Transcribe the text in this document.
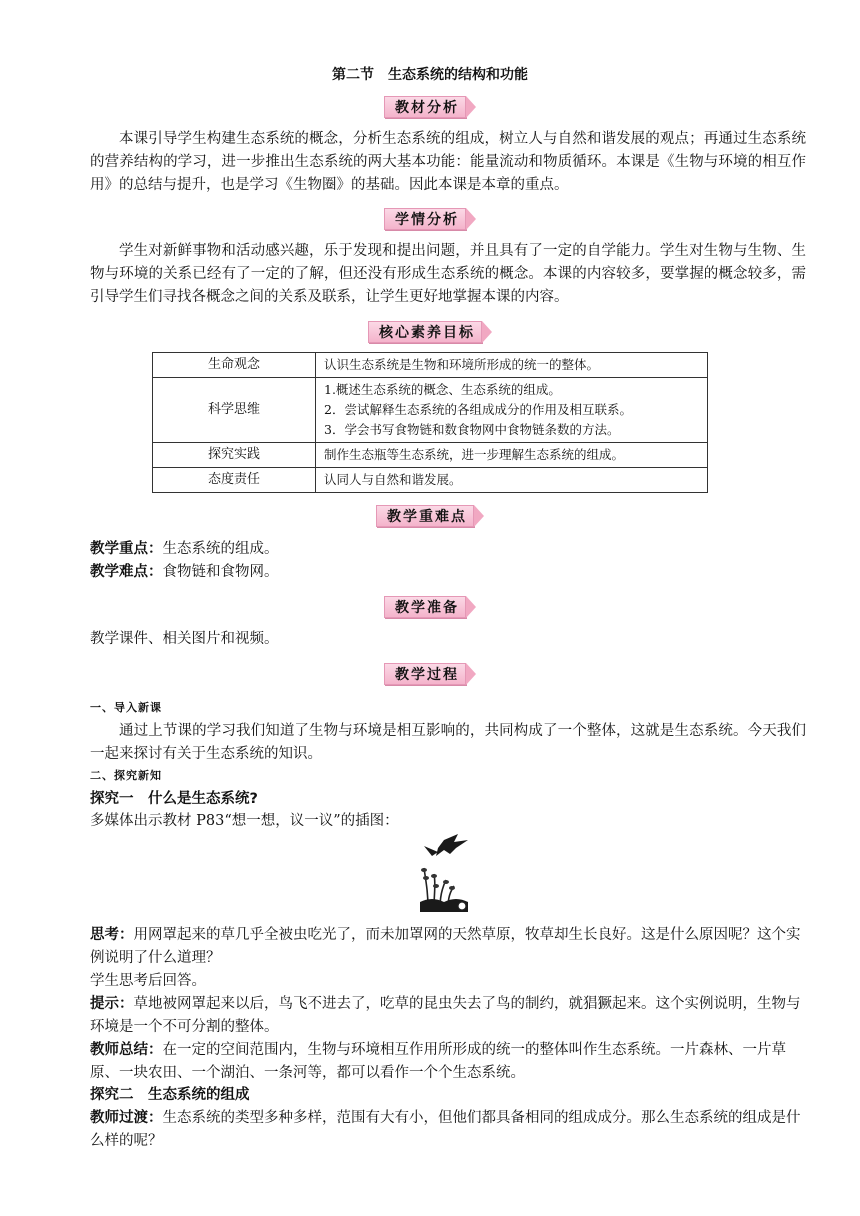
第二节　生态系统的结构和功能
教材分析

本课引导学生构建生态系统的概念，分析生态系统的组成，树立人与自然和谐发展的观点；再通过生态系统的营养结构的学习，进一步推出生态系统的两大基本功能：能量流动和物质循环。本课是《生物与环境的相互作用》的总结与提升，也是学习《生物圈》的基础。因此本课是本章的重点。

学情分析

学生对新鲜事物和活动感兴趣，乐于发现和提出问题，并且具有了一定的自学能力。学生对生物与生物、生物与环境的关系已经有了一定的了解，但还没有形成生态系统的概念。本课的内容较多，要掌握的概念较多，需引导学生们寻找各概念之间的关系及联系，让学生更好地掌握本课的内容。

核心素养目标
生命观念	认识生态系统是生物和环境所形成的统一的整体。
科学思维	1.概述生态系统的概念、生态系统的组成。
2．尝试解释生态系统的各组成成分的作用及相互联系。
3．学会书写食物链和数食物网中食物链条数的方法。

探究实践	制作生态瓶等生态系统，进一步理解生态系统的组成。
态度责任	认同人与自然和谐发展。
教学重难点

教学重点：生态系统的组成。

教学难点：食物链和食物网。

教学准备

教学课件、相关图片和视频。

教学过程

一、导入新课

通过上节课的学习我们知道了生物与环境是相互影响的，共同构成了一个整体，这就是生态系统。今天我们一起来探讨有关于生态系统的知识。

二、探究新知

探究一　什么是生态系统?

多媒体出示教材 P83“想一想，议一议”的插图：

思考：用网罩起来的草几乎全被虫吃光了，而未加罩网的天然草原，牧草却生长良好。这是什么原因呢？这个实例说明了什么道理？

学生思考后回答。

提示：草地被网罩起来以后，鸟飞不进去了，吃草的昆虫失去了鸟的制约，就猖獗起来。这个实例说明，生物与环境是一个不可分割的整体。

教师总结：在一定的空间范围内，生物与环境相互作用所形成的统一的整体叫作生态系统。一片森林、一片草原、一块农田、一个湖泊、一条河等，都可以看作一个个生态系统。

探究二　生态系统的组成

教师过渡：生态系统的类型多种多样，范围有大有小，但他们都具备相同的组成成分。那么生态系统的组成是什么样的呢？
